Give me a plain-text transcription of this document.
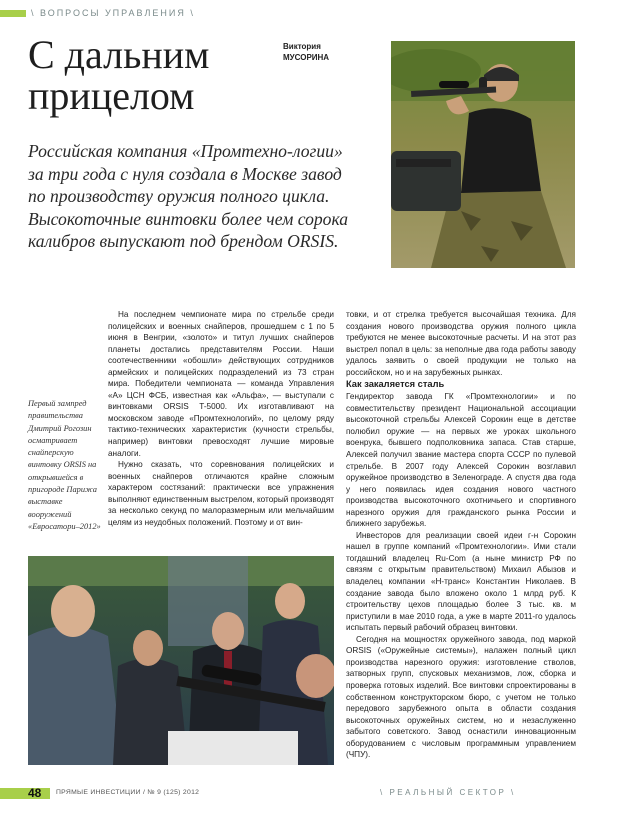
\ ВОПРОСЫ УПРАВЛЕНИЯ \
С дальним
прицелом
Виктория
МУСОРИНА
Российская компания «Промтехно-логии» за три года с нуля создала в Москве завод по производству оружия полного цикла. Высокоточные винтовки более чем сорока калибров выпускают под брендом ORSIS.
Первый зампред правительства Дмитрий Рогозин осматривает снайперскую винтовку ORSIS на открывшейся в пригороде Парижа выставке вооружений «Евросатори–2012»

На последнем чемпионате мира по стрельбе среди полицейских и военных снайперов, прошедшем с 1 по 5 июня в Венгрии, «золото» и титул лучших снайперов планеты достались представителям России. Наши соотечественники «обошли» действующих сотрудников армейских и полицейских подразделений из 73 стран мира. Победители чемпионата — команда Управления «А» ЦСН ФСБ, известная как «Альфа», — выступали с винтовками ORSIS T-5000. Их изготавливают на московском заводе «Промтехнологий», по целому ряду тактико-технических характеристик (кучности стрельбы, например) винтовки превосходят лучшие мировые аналоги.

Нужно сказать, что соревнования полицейских и военных снайперов отличаются крайне сложным характером состязаний: практически все упражнения выполняют единственным выстрелом, который производят за несколько секунд по малоразмерным или мельчайшим целям из неудобных положений. Поэтому и от вин-

товки, и от стрелка требуется высочайшая техника. Для создания нового производства оружия полного цикла требуются не менее высокоточные расчеты. И на этот раз выстрел попал в цель: за неполные два года работы заводу удалось заявить о своей продукции не только на российском, но и на зарубежных рынках.

Как закаляется сталь

Гендиректор завода ГК «Промтехнологии» и по совместительству президент Национальной ассоциации высокоточной стрельбы Алексей Сорокин еще в детстве полюбил оружие — на первых же уроках школьного военрука, бывшего подполковника запаса. Став старше, Алексей получил звание мастера спорта СССР по пулевой стрельбе. В 2007 году Алексей Сорокин возглавил оружейное производство в Зеленограде. А спустя два года у него появилась идея создания нового частного производства высокоточного охотничьего и спортивного нарезного оружия для гражданского рынка России и ближнего зарубежья.

Инвесторов для реализации своей идеи г-н Сорокин нашел в группе компаний «Промтехнологии». Ими стали тогдашний владелец Ru-Com (а ныне министр РФ по связям с открытым правительством) Михаил Абызов и владелец компании «Н-транс» Константин Николаев. В создание завода было вложено около 1 млрд руб. К строительству цехов площадью более 3 тыс. кв. м приступили в мае 2010 года, а уже в марте 2011-го удалось испытать первый рабочий образец винтовки.

Сегодня на мощностях оружейного завода, под маркой ORSIS («Оружейные системы»), налажен полный цикл производства нарезного оружия: изготовление стволов, затворных групп, спусковых механизмов, лож, сборка и проверка готовых изделий. Все винтовки спроектированы в собственном конструкторском бюро, с учетом не только передового зарубежного опыта в области создания высокоточных оружейных систем, но и незаслуженно забытого советского. Завод оснастили инновационным оборудованием с числовым программным управлением (ЧПУ).

48 ПРЯМЫЕ ИНВЕСТИЦИИ / № 9 (125) 2012	\ РЕАЛЬНЫЙ СЕКТОР \
